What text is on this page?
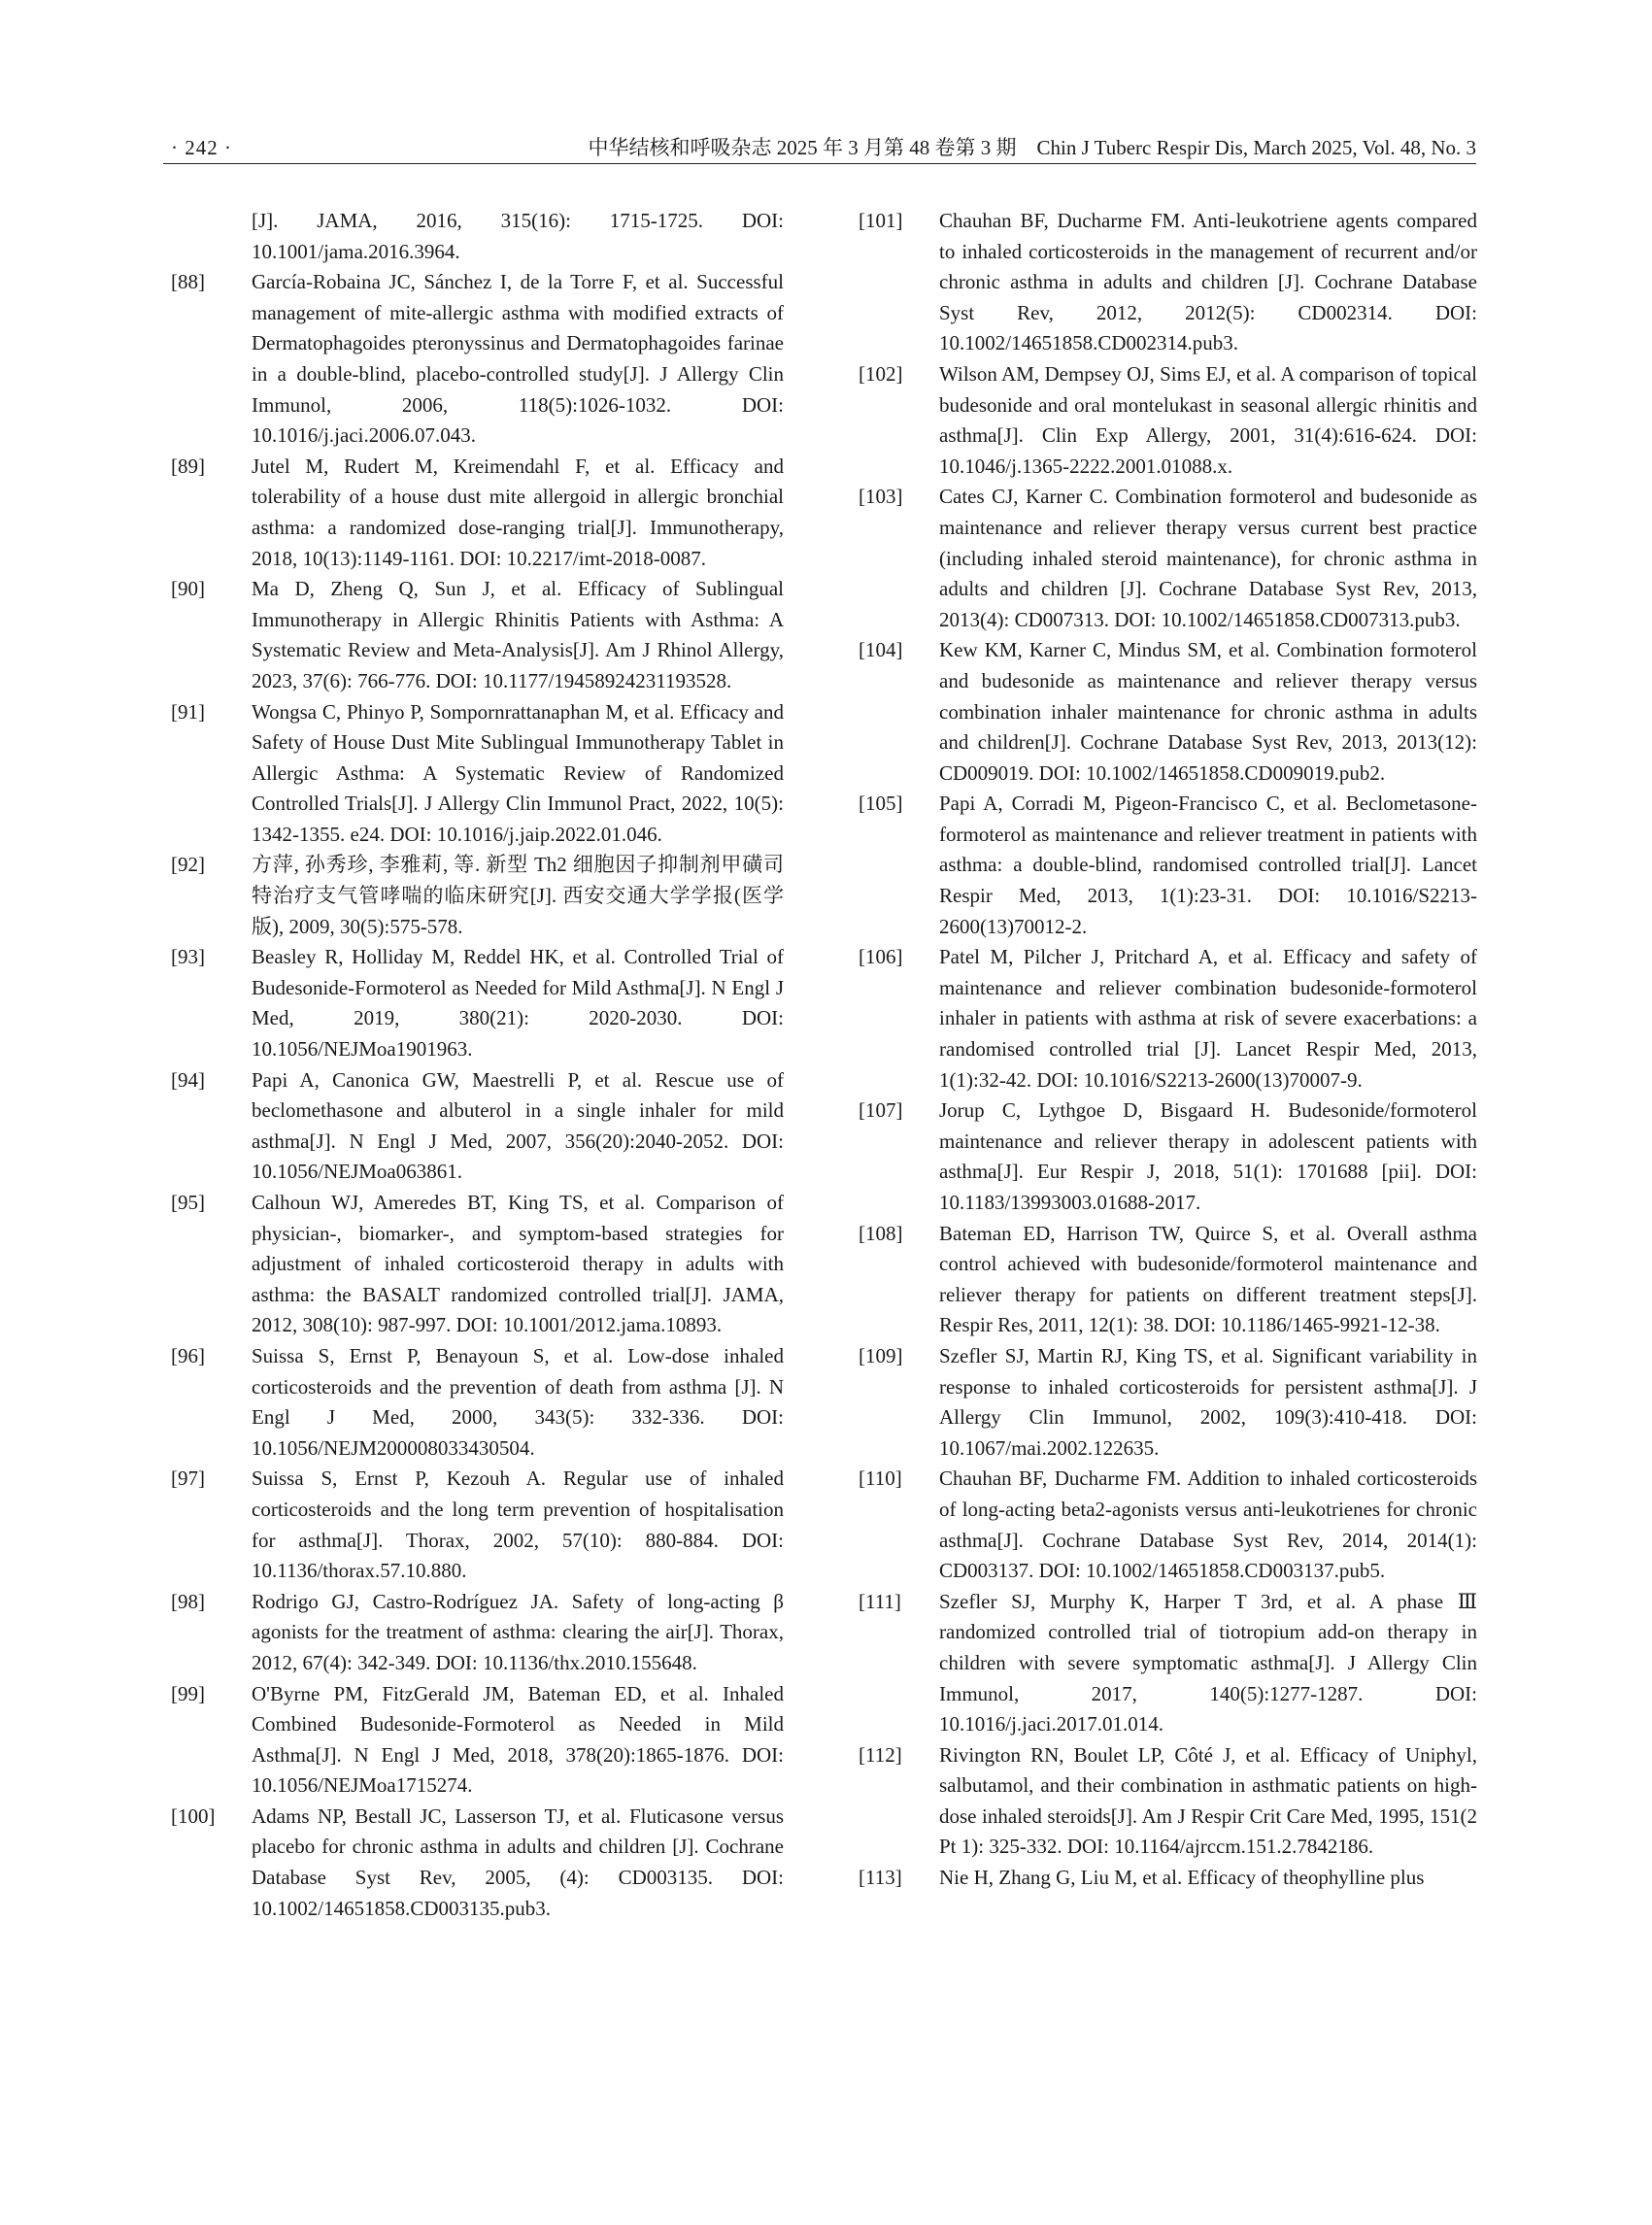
· 242 ·	中华结核和呼吸杂志 2025 年 3 月第 48 卷第 3 期　Chin J Tuberc Respir Dis, March 2025, Vol. 48, No. 3
[J]. JAMA, 2016, 315(16): 1715-1725. DOI: 10.1001/jama.2016.3964.
[88] García-Robaina JC, Sánchez I, de la Torre F, et al. Successful management of mite-allergic asthma with modified extracts of Dermatophagoides pteronyssinus and Dermatophagoides farinae in a double-blind, placebo-controlled study[J]. J Allergy Clin Immunol, 2006, 118(5):1026-1032. DOI: 10.1016/j.jaci.2006.07.043.
[89] Jutel M, Rudert M, Kreimendahl F, et al. Efficacy and tolerability of a house dust mite allergoid in allergic bronchial asthma: a randomized dose-ranging trial[J]. Immunotherapy, 2018, 10(13):1149-1161. DOI: 10.2217/imt-2018-0087.
[90] Ma D, Zheng Q, Sun J, et al. Efficacy of Sublingual Immunotherapy in Allergic Rhinitis Patients with Asthma: A Systematic Review and Meta-Analysis[J]. Am J Rhinol Allergy, 2023, 37(6): 766-776. DOI: 10.1177/19458924231193528.
[91] Wongsa C, Phinyo P, Sompornrattanaphan M, et al. Efficacy and Safety of House Dust Mite Sublingual Immunotherapy Tablet in Allergic Asthma: A Systematic Review of Randomized Controlled Trials[J]. J Allergy Clin Immunol Pract, 2022, 10(5): 1342-1355. e24. DOI: 10.1016/j.jaip.2022.01.046.
[92] 方萍, 孙秀珍, 李雅莉, 等. 新型 Th2 细胞因子抑制剂甲磺司特治疗支气管哮喘的临床研究[J]. 西安交通大学学报(医学版), 2009, 30(5):575-578.
[93] Beasley R, Holliday M, Reddel HK, et al. Controlled Trial of Budesonide-Formoterol as Needed for Mild Asthma[J]. N Engl J Med, 2019, 380(21): 2020-2030. DOI: 10.1056/NEJMoa1901963.
[94] Papi A, Canonica GW, Maestrelli P, et al. Rescue use of beclomethasone and albuterol in a single inhaler for mild asthma[J]. N Engl J Med, 2007, 356(20):2040-2052. DOI: 10.1056/NEJMoa063861.
[95] Calhoun WJ, Ameredes BT, King TS, et al. Comparison of physician-, biomarker-, and symptom-based strategies for adjustment of inhaled corticosteroid therapy in adults with asthma: the BASALT randomized controlled trial[J]. JAMA, 2012, 308(10): 987-997. DOI: 10.1001/2012.jama.10893.
[96] Suissa S, Ernst P, Benayoun S, et al. Low-dose inhaled corticosteroids and the prevention of death from asthma [J]. N Engl J Med, 2000, 343(5): 332-336. DOI: 10.1056/NEJM200008033430504.
[97] Suissa S, Ernst P, Kezouh A. Regular use of inhaled corticosteroids and the long term prevention of hospitalisation for asthma[J]. Thorax, 2002, 57(10): 880-884. DOI: 10.1136/thorax.57.10.880.
[98] Rodrigo GJ, Castro-Rodríguez JA. Safety of long-acting β agonists for the treatment of asthma: clearing the air[J]. Thorax, 2012, 67(4): 342-349. DOI: 10.1136/thx.2010.155648.
[99] O'Byrne PM, FitzGerald JM, Bateman ED, et al. Inhaled Combined Budesonide-Formoterol as Needed in Mild Asthma[J]. N Engl J Med, 2018, 378(20):1865-1876. DOI: 10.1056/NEJMoa1715274.
[100] Adams NP, Bestall JC, Lasserson TJ, et al. Fluticasone versus placebo for chronic asthma in adults and children [J]. Cochrane Database Syst Rev, 2005, (4): CD003135. DOI: 10.1002/14651858.CD003135.pub3.
[101] Chauhan BF, Ducharme FM. Anti-leukotriene agents compared to inhaled corticosteroids in the management of recurrent and/or chronic asthma in adults and children [J]. Cochrane Database Syst Rev, 2012, 2012(5): CD002314. DOI: 10.1002/14651858.CD002314.pub3.
[102] Wilson AM, Dempsey OJ, Sims EJ, et al. A comparison of topical budesonide and oral montelukast in seasonal allergic rhinitis and asthma[J]. Clin Exp Allergy, 2001, 31(4):616-624. DOI: 10.1046/j.1365-2222.2001.01088.x.
[103] Cates CJ, Karner C. Combination formoterol and budesonide as maintenance and reliever therapy versus current best practice (including inhaled steroid maintenance), for chronic asthma in adults and children [J]. Cochrane Database Syst Rev, 2013, 2013(4): CD007313. DOI: 10.1002/14651858.CD007313.pub3.
[104] Kew KM, Karner C, Mindus SM, et al. Combination formoterol and budesonide as maintenance and reliever therapy versus combination inhaler maintenance for chronic asthma in adults and children[J]. Cochrane Database Syst Rev, 2013, 2013(12): CD009019. DOI: 10.1002/14651858.CD009019.pub2.
[105] Papi A, Corradi M, Pigeon-Francisco C, et al. Beclometasone-formoterol as maintenance and reliever treatment in patients with asthma: a double-blind, randomised controlled trial[J]. Lancet Respir Med, 2013, 1(1):23-31. DOI: 10.1016/S2213-2600(13)70012-2.
[106] Patel M, Pilcher J, Pritchard A, et al. Efficacy and safety of maintenance and reliever combination budesonide-formoterol inhaler in patients with asthma at risk of severe exacerbations: a randomised controlled trial [J]. Lancet Respir Med, 2013, 1(1):32-42. DOI: 10.1016/S2213-2600(13)70007-9.
[107] Jorup C, Lythgoe D, Bisgaard H. Budesonide/formoterol maintenance and reliever therapy in adolescent patients with asthma[J]. Eur Respir J, 2018, 51(1): 1701688 [pii]. DOI: 10.1183/13993003.01688-2017.
[108] Bateman ED, Harrison TW, Quirce S, et al. Overall asthma control achieved with budesonide/formoterol maintenance and reliever therapy for patients on different treatment steps[J]. Respir Res, 2011, 12(1): 38. DOI: 10.1186/1465-9921-12-38.
[109] Szefler SJ, Martin RJ, King TS, et al. Significant variability in response to inhaled corticosteroids for persistent asthma[J]. J Allergy Clin Immunol, 2002, 109(3):410-418. DOI: 10.1067/mai.2002.122635.
[110] Chauhan BF, Ducharme FM. Addition to inhaled corticosteroids of long-acting beta2-agonists versus anti-leukotrienes for chronic asthma[J]. Cochrane Database Syst Rev, 2014, 2014(1): CD003137. DOI: 10.1002/14651858.CD003137.pub5.
[111] Szefler SJ, Murphy K, Harper T 3rd, et al. A phase Ⅲ randomized controlled trial of tiotropium add-on therapy in children with severe symptomatic asthma[J]. J Allergy Clin Immunol, 2017, 140(5):1277-1287. DOI: 10.1016/j.jaci.2017.01.014.
[112] Rivington RN, Boulet LP, Côté J, et al. Efficacy of Uniphyl, salbutamol, and their combination in asthmatic patients on high-dose inhaled steroids[J]. Am J Respir Crit Care Med, 1995, 151(2 Pt 1): 325-332. DOI: 10.1164/ajrccm.151.2.7842186.
[113] Nie H, Zhang G, Liu M, et al. Efficacy of theophylline plus
